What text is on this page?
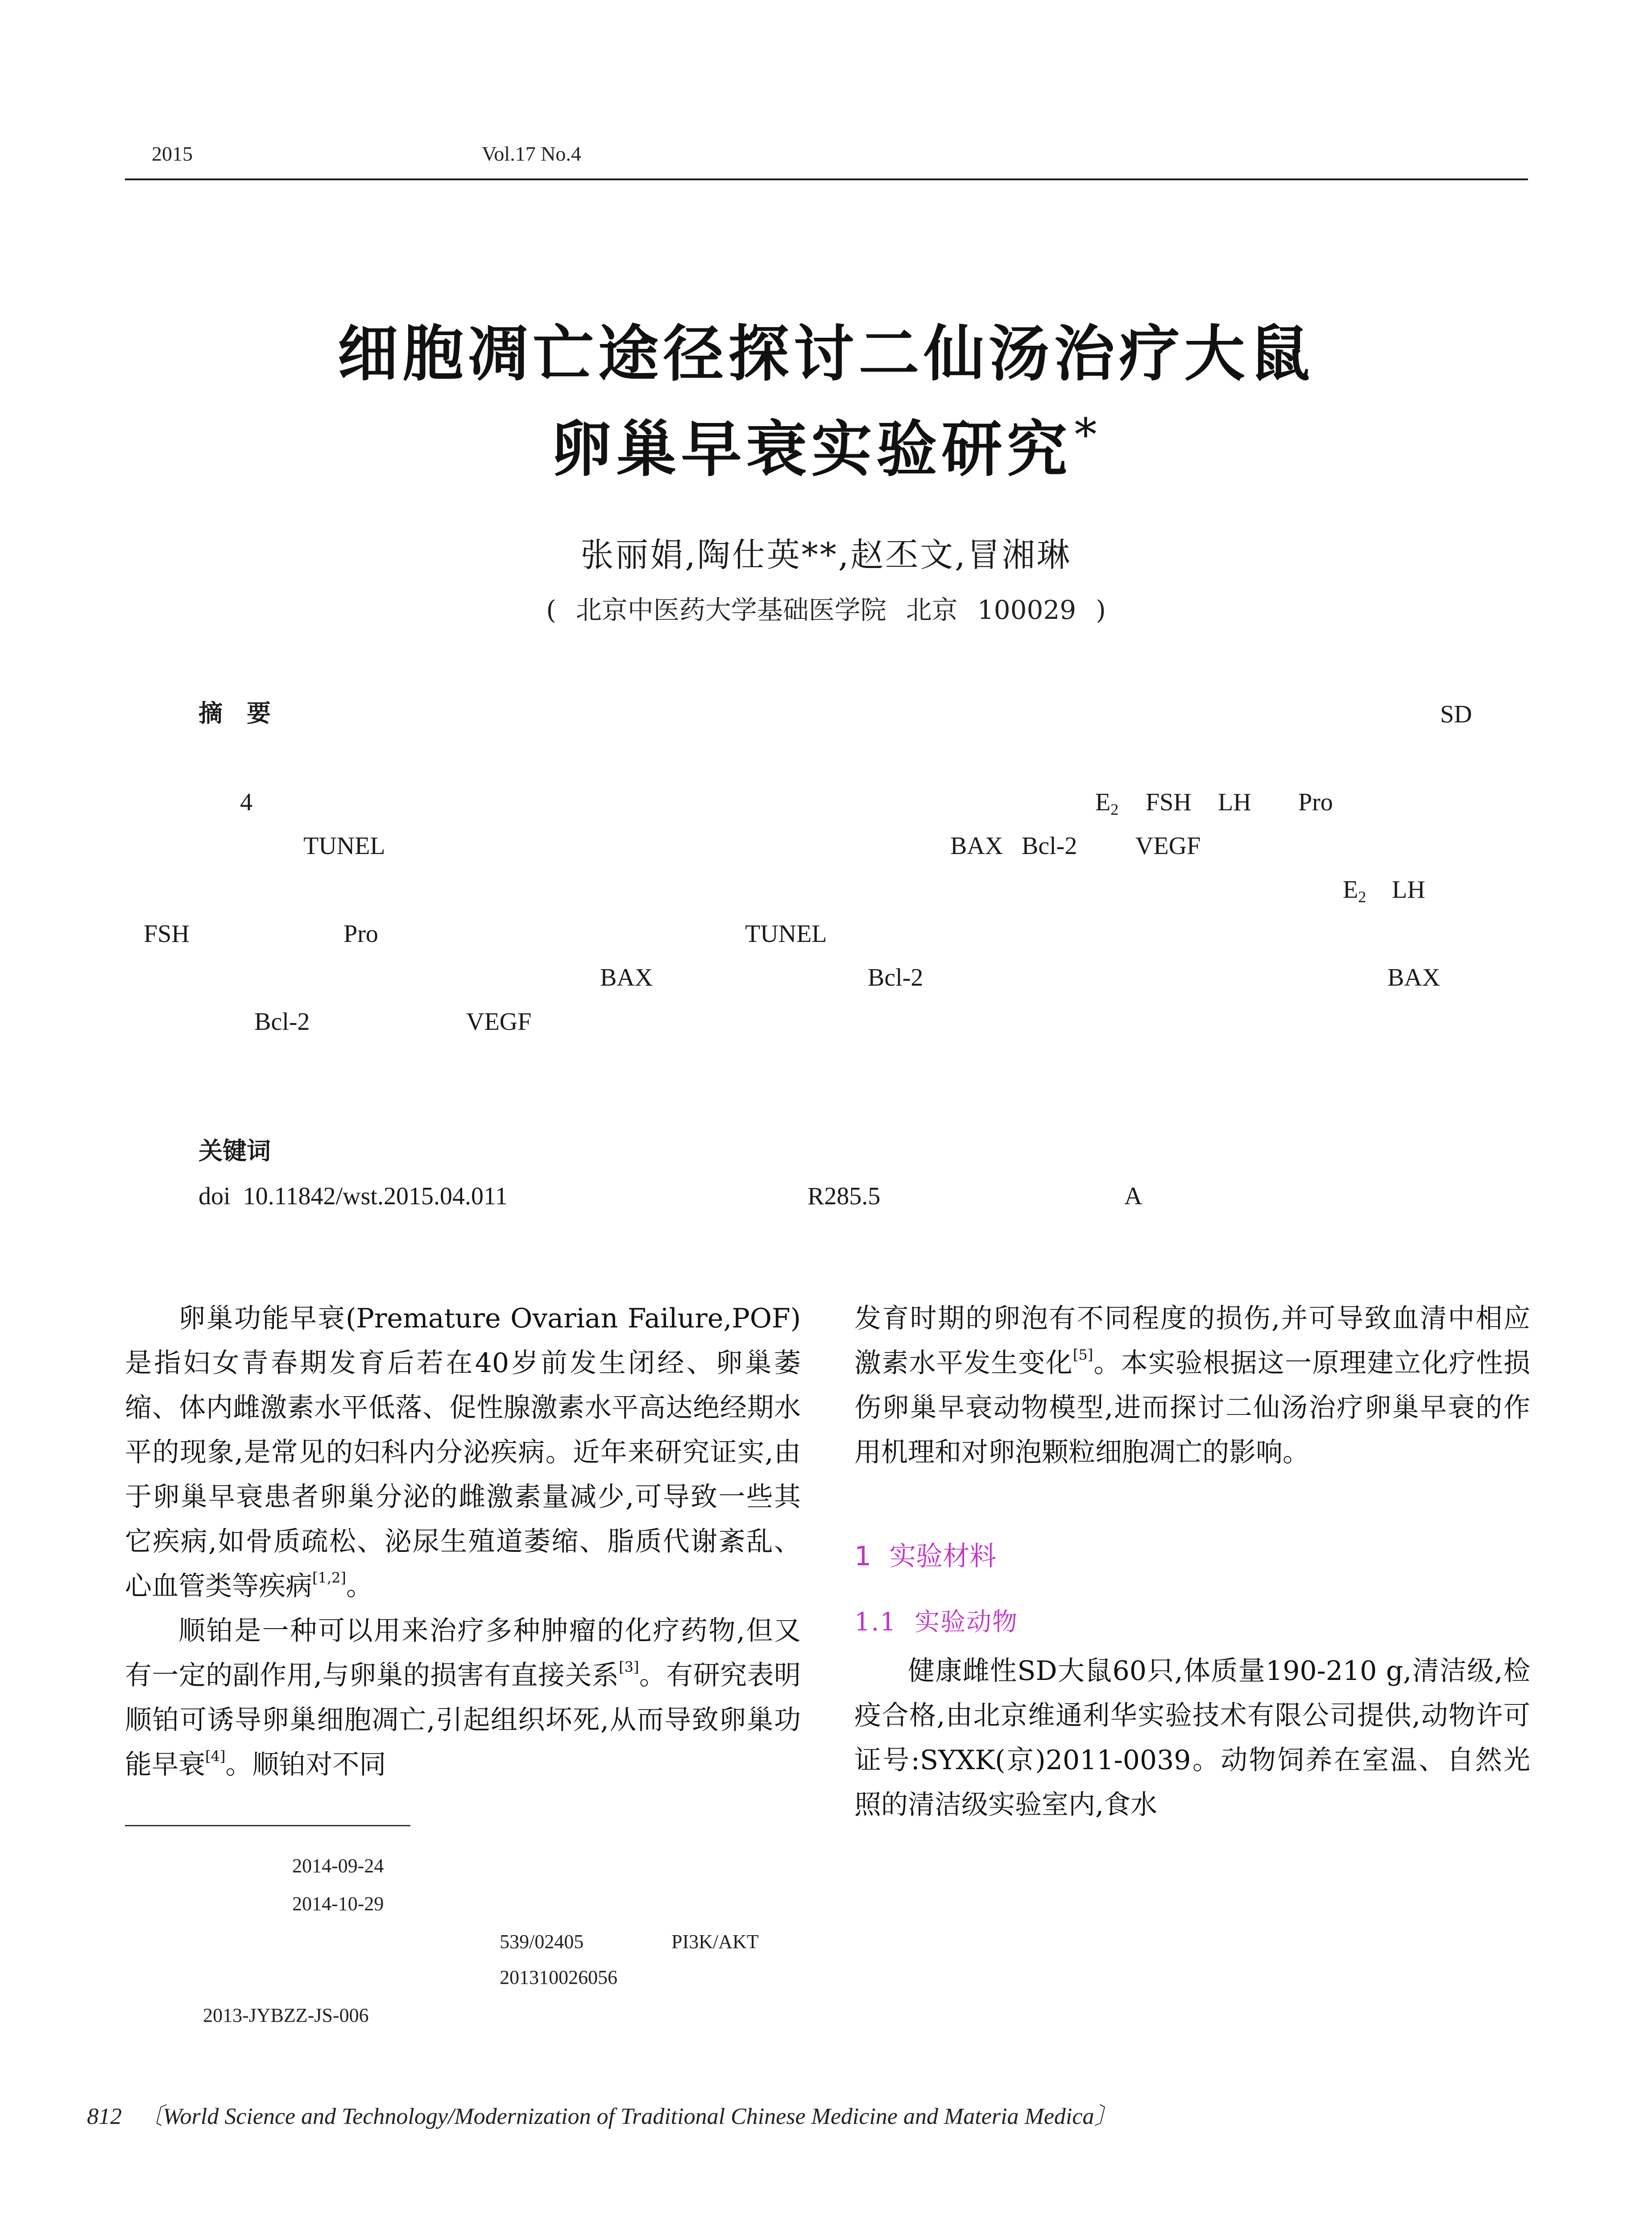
2015	Vol.17 No.4
细胞凋亡途径探讨二仙汤治疗大鼠
卵巢早衰实验研究*
张丽娟,陶仕英**,赵丕文,冒湘琳
( 北京中医药大学基础医学院 北京 100029 )
摘　要	SD
4	$E_2$ FSH LH Pro
TUNEL	BAX Bcl-2 VEGF
$E_2$ LH
FSH	Pro	TUNEL
BAX	Bcl-2	BAX
Bcl-2	VEGF
关键词
doi 10.11842/wst.2015.04.011	R285.5	A

卵巢功能早衰(Premature Ovarian Failure,POF)是指妇女青春期发育后若在40岁前发生闭经、卵巢萎缩、体内雌激素水平低落、促性腺激素水平高达绝经期水平的现象,是常见的妇科内分泌疾病。近年来研究证实,由于卵巢早衰患者卵巢分泌的雌激素量减少,可导致一些其它疾病,如骨质疏松、泌尿生殖道萎缩、脂质代谢紊乱、心血管类等疾病[1,2]。

顺铂是一种可以用来治疗多种肿瘤的化疗药物,但又有一定的副作用,与卵巢的损害有直接关系[3]。有研究表明顺铂可诱导卵巢细胞凋亡,引起组织坏死,从而导致卵巢功能早衰[4]。顺铂对不同

发育时期的卵泡有不同程度的损伤,并可导致血清中相应激素水平发生变化[5]。本实验根据这一原理建立化疗性损伤卵巢早衰动物模型,进而探讨二仙汤治疗卵巢早衰的作用机理和对卵泡颗粒细胞凋亡的影响。

1 实验材料
1.1 实验动物

健康雌性SD大鼠60只,体质量190-210 g,清洁级,检疫合格,由北京维通利华实验技术有限公司提供,动物许可证号:SYXK(京)2011-0039。动物饲养在室温、自然光照的清洁级实验室内,食水

2014-09-24
2014-10-29
539/02405	PI3K/AKT
201310026056
2013-JYBZZ-JS-006
812 〔World Science and Technology/Modernization of Traditional Chinese Medicine and Materia Medica〕
